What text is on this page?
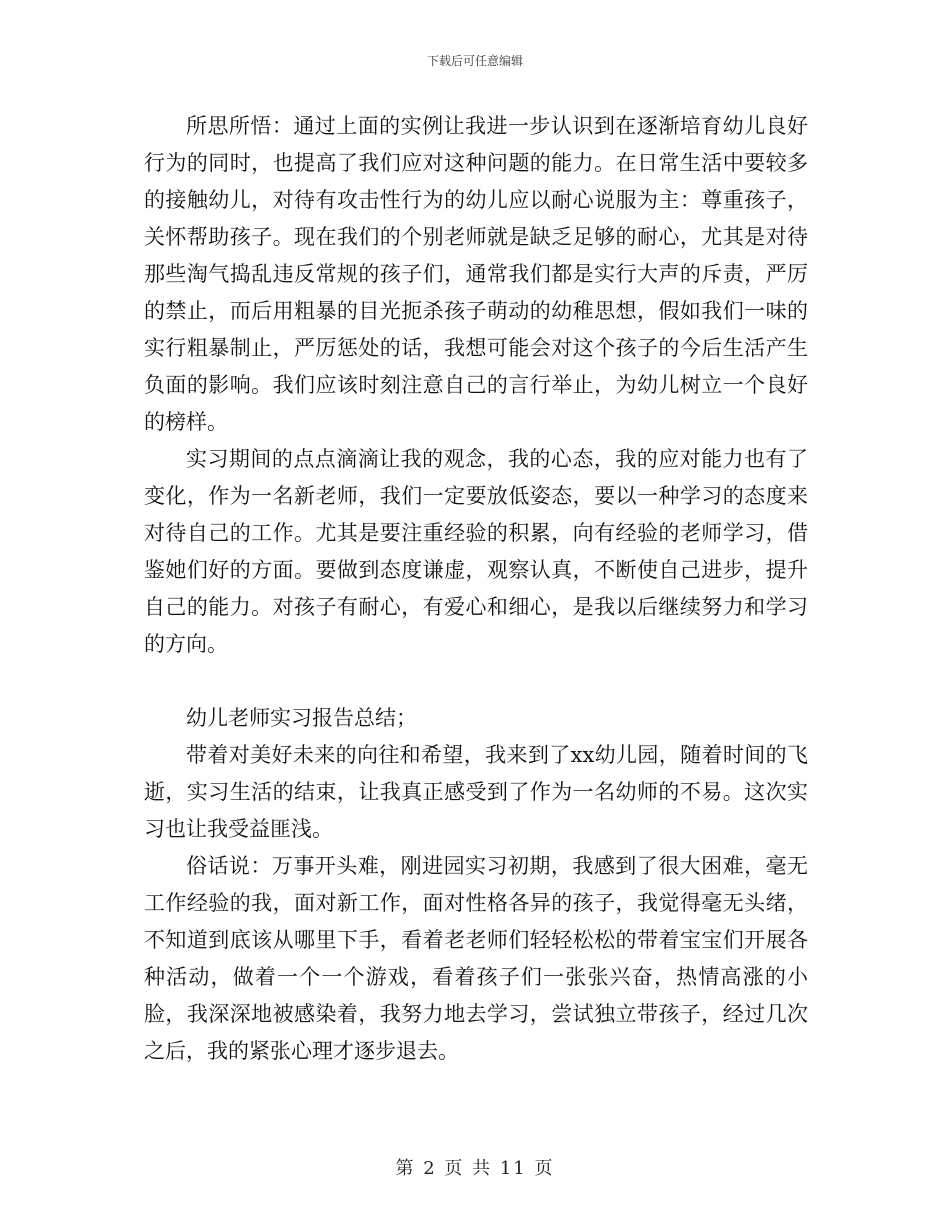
下载后可任意编辑

所思所悟：通过上面的实例让我进一步认识到在逐渐培育幼儿良好行为的同时，也提高了我们应对这种问题的能力。在日常生活中要较多的接触幼儿，对待有攻击性行为的幼儿应以耐心说服为主：尊重孩子，关怀帮助孩子。现在我们的个别老师就是缺乏足够的耐心，尤其是对待那些淘气捣乱违反常规的孩子们，通常我们都是实行大声的斥责，严厉的禁止，而后用粗暴的目光扼杀孩子萌动的幼稚思想，假如我们一味的实行粗暴制止，严厉惩处的话，我想可能会对这个孩子的今后生活产生负面的影响。我们应该时刻注意自己的言行举止，为幼儿树立一个良好的榜样。

实习期间的点点滴滴让我的观念，我的心态，我的应对能力也有了变化，作为一名新老师，我们一定要放低姿态，要以一种学习的态度来对待自己的工作。尤其是要注重经验的积累，向有经验的老师学习，借鉴她们好的方面。要做到态度谦虚，观察认真，不断使自己进步，提升自己的能力。对孩子有耐心，有爱心和细心，是我以后继续努力和学习的方向。

幼儿老师实习报告总结；

带着对美好未来的向往和希望，我来到了xx幼儿园，随着时间的飞逝，实习生活的结束，让我真正感受到了作为一名幼师的不易。这次实习也让我受益匪浅。

俗话说：万事开头难，刚进园实习初期，我感到了很大困难，毫无工作经验的我，面对新工作，面对性格各异的孩子，我觉得毫无头绪，不知道到底该从哪里下手，看着老老师们轻轻松松的带着宝宝们开展各种活动，做着一个一个游戏，看着孩子们一张张兴奋，热情高涨的小脸，我深深地被感染着，我努力地去学习，尝试独立带孩子，经过几次之后，我的紧张心理才逐步退去。

第 2 页 共 11 页
